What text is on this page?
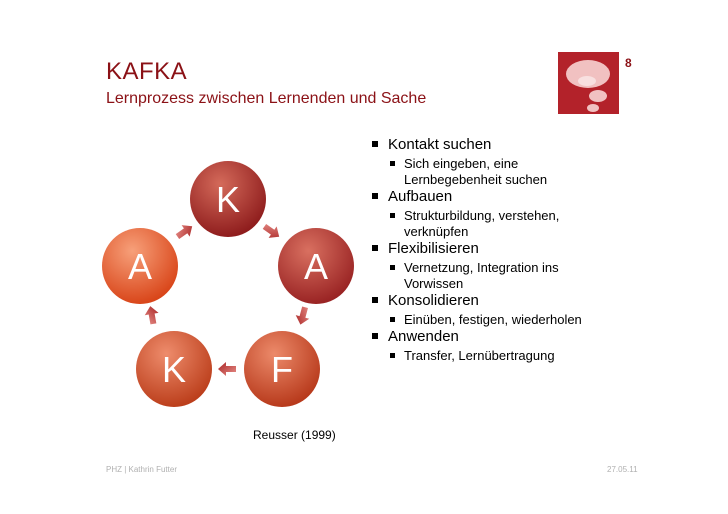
KAFKA
Lernprozess zwischen Lernenden und Sache
8
K
A
F
K
A
Reusser (1999)
Kontakt suchen
Sich eingeben, eine Lernbegebenheit suchen
Aufbauen
Strukturbildung, verstehen, verknüpfen
Flexibilisieren
Vernetzung, Integration ins Vorwissen
Konsolidieren
Einüben, festigen, wiederholen
Anwenden
Transfer, Lernübertragung
PHZ | Kathrin Futter	27.05.11
